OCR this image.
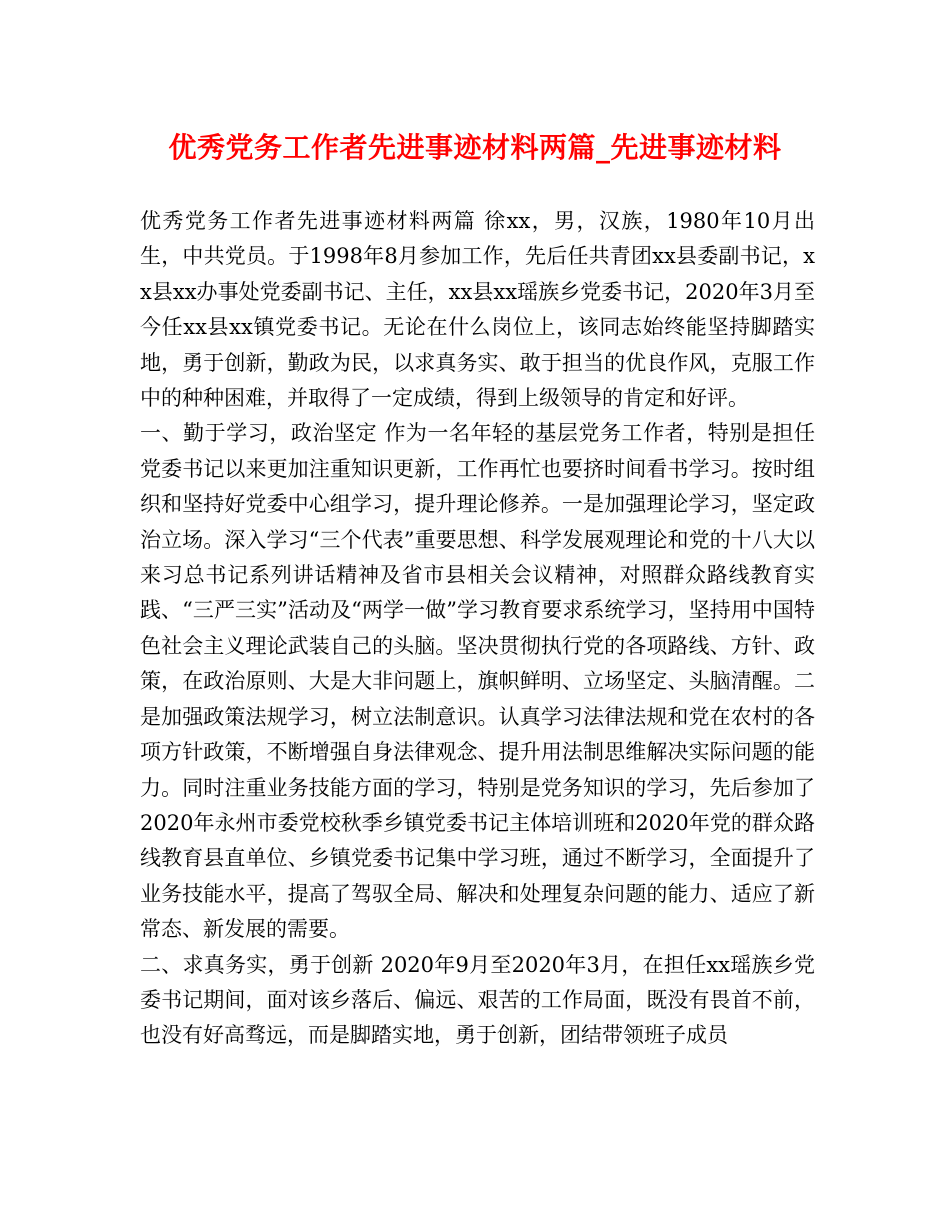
优秀党务工作者先进事迹材料两篇_先进事迹材料

优秀党务工作者先进事迹材料两篇 徐xx，男，汉族，1980年10月出生，中共党员。于1998年8月参加工作，先后任共青团xx县委副书记，xx县xx办事处党委副书记、主任，xx县xx瑶族乡党委书记，2020年3月至今任xx县xx镇党委书记。无论在什么岗位上，该同志始终能坚持脚踏实地，勇于创新，勤政为民，以求真务实、敢于担当的优良作风，克服工作中的种种困难，并取得了一定成绩，得到上级领导的肯定和好评。

一、勤于学习，政治坚定 作为一名年轻的基层党务工作者，特别是担任党委书记以来更加注重知识更新，工作再忙也要挤时间看书学习。按时组织和坚持好党委中心组学习，提升理论修养。一是加强理论学习，坚定政治立场。深入学习“三个代表”重要思想、科学发展观理论和党的十八大以来习总书记系列讲话精神及省市县相关会议精神，对照群众路线教育实践、“三严三实”活动及“两学一做”学习教育要求系统学习，坚持用中国特色社会主义理论武装自己的头脑。坚决贯彻执行党的各项路线、方针、政策，在政治原则、大是大非问题上，旗帜鲜明、立场坚定、头脑清醒。二是加强政策法规学习，树立法制意识。认真学习法律法规和党在农村的各项方针政策，不断增强自身法律观念、提升用法制思维解决实际问题的能力。同时注重业务技能方面的学习，特别是党务知识的学习，先后参加了2020年永州市委党校秋季乡镇党委书记主体培训班和2020年党的群众路线教育县直单位、乡镇党委书记集中学习班，通过不断学习，全面提升了业务技能水平，提高了驾驭全局、解决和处理复杂问题的能力、适应了新常态、新发展的需要。

二、求真务实，勇于创新 2020年9月至2020年3月，在担任xx瑶族乡党委书记期间，面对该乡落后、偏远、艰苦的工作局面，既没有畏首不前，也没有好高骛远，而是脚踏实地，勇于创新，团结带领班子成员
